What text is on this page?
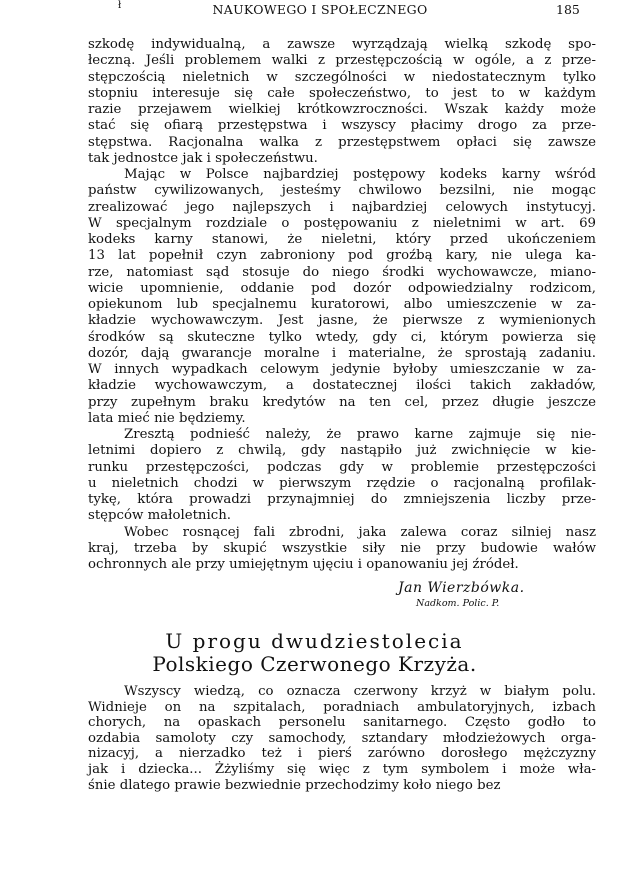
ł	NAUKOWEGO I SPOŁECZNEGO	185
szkodę indywidualną, a zawsze wyrządzają wielką szkodę spo-
łeczną. Jeśli problemem walki z przestępczością w ogóle, a z prze-
stępczością nieletnich w szczególności w niedostatecznym tylko
stopniu interesuje się całe społeczeństwo, to jest to w każdym
razie przejawem wielkiej krótkowzroczności. Wszak każdy może
stać się ofiarą przestępstwa i wszyscy płacimy drogo za prze-
stępstwa. Racjonalna walka z przestępstwem opłaci się zawsze
tak jednostce jak i społeczeństwu.
Mając w Polsce najbardziej postępowy kodeks karny wśród
państw cywilizowanych, jesteśmy chwilowo bezsilni, nie mogąc
zrealizować jego najlepszych i najbardziej celowych instytucyj.
W specjalnym rozdziale o postępowaniu z nieletnimi w art. 69
kodeks karny stanowi, że nieletni, który przed ukończeniem
13 lat popełnił czyn zabroniony pod groźbą kary, nie ulega ka-
rze, natomiast sąd stosuje do niego środki wychowawcze, miano-
wicie upomnienie, oddanie pod dozór odpowiedzialny rodzicom,
opiekunom lub specjalnemu kuratorowi, albo umieszczenie w za-
kładzie wychowawczym. Jest jasne, że pierwsze z wymienionych
środków są skuteczne tylko wtedy, gdy ci, którym powierza się
dozór, dają gwarancje moralne i materialne, że sprostają zadaniu.
W innych wypadkach celowym jedynie byłoby umieszczanie w za-
kładzie wychowawczym, a dostatecznej ilości takich zakładów,
przy zupełnym braku kredytów na ten cel, przez długie jeszcze
lata mieć nie będziemy.
Zresztą podnieść należy, że prawo karne zajmuje się nie-
letnimi dopiero z chwilą, gdy nastąpiło już zwichnięcie w kie-
runku przestępczości, podczas gdy w problemie przestępczości
u nieletnich chodzi w pierwszym rzędzie o racjonalną profilak-
tykę, która prowadzi przynajmniej do zmniejszenia liczby prze-
stępców małoletnich.
Wobec rosnącej fali zbrodni, jaka zalewa coraz silniej nasz
kraj, trzeba by skupić wszystkie siły nie przy budowie wałów
ochronnych ale przy umiejętnym ujęciu i opanowaniu jej źródeł.
Jan Wierzbówka.
Nadkom. Polic. P.
U progu dwudziestolecia
Polskiego Czerwonego Krzyża.
Wszyscy wiedzą, co oznacza czerwony krzyż w białym polu.
Widnieje on na szpitalach, poradniach ambulatoryjnych, izbach
chorych, na opaskach personelu sanitarnego. Często godło to
ozdabia samoloty czy samochody, sztandary młodzieżowych orga-
nizacyj, a nierzadko też i pierś zarówno dorosłego mężczyzny
jak i dziecka... Żżyliśmy się więc z tym symbolem i może wła-
śnie dlatego prawie bezwiednie przechodzimy koło niego bez
